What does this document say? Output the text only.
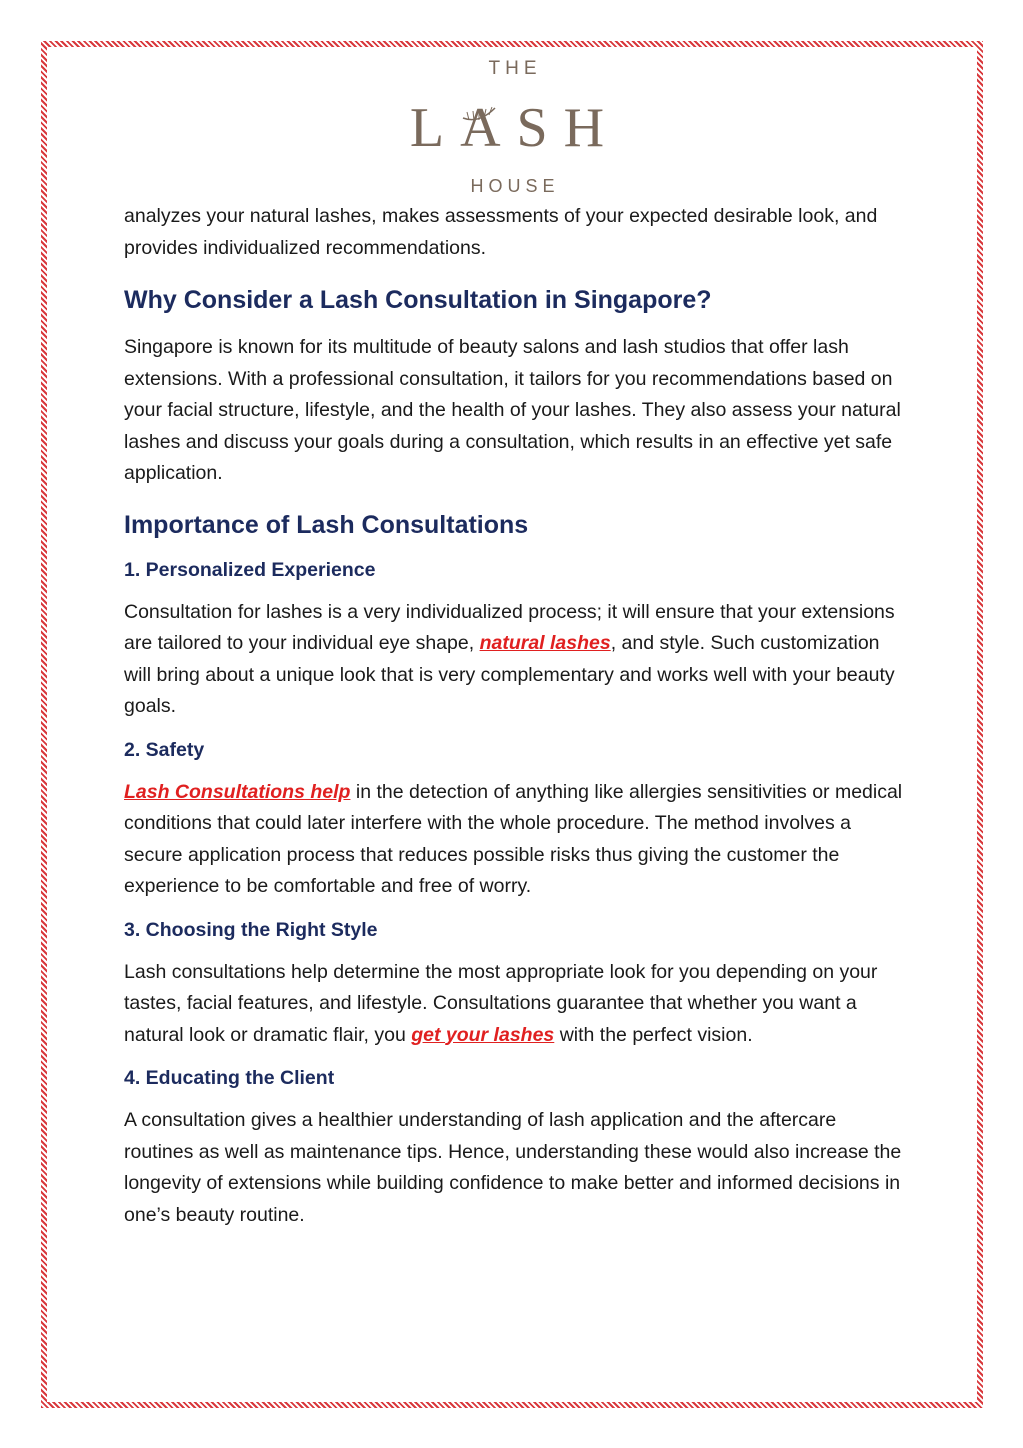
THE
LASH
HOUSE

analyzes your natural lashes, makes assessments of your expected desirable look, and provides individualized recommendations.

Why Consider a Lash Consultation in Singapore?

Singapore is known for its multitude of beauty salons and lash studios that offer lash extensions. With a professional consultation, it tailors for you recommendations based on your facial structure, lifestyle, and the health of your lashes. They also assess your natural lashes and discuss your goals during a consultation, which results in an effective yet safe application.

Importance of Lash Consultations
1. Personalized Experience

Consultation for lashes is a very individualized process; it will ensure that your extensions are tailored to your individual eye shape, natural lashes, and style. Such customization will bring about a unique look that is very complementary and works well with your beauty goals.

2. Safety

Lash Consultations help in the detection of anything like allergies sensitivities or medical conditions that could later interfere with the whole procedure. The method involves a secure application process that reduces possible risks thus giving the customer the experience to be comfortable and free of worry.

3. Choosing the Right Style

Lash consultations help determine the most appropriate look for you depending on your tastes, facial features, and lifestyle. Consultations guarantee that whether you want a natural look or dramatic flair, you get your lashes with the perfect vision.

4. Educating the Client

A consultation gives a healthier understanding of lash application and the aftercare routines as well as maintenance tips. Hence, understanding these would also increase the longevity of extensions while building confidence to make better and informed decisions in one’s beauty routine.
